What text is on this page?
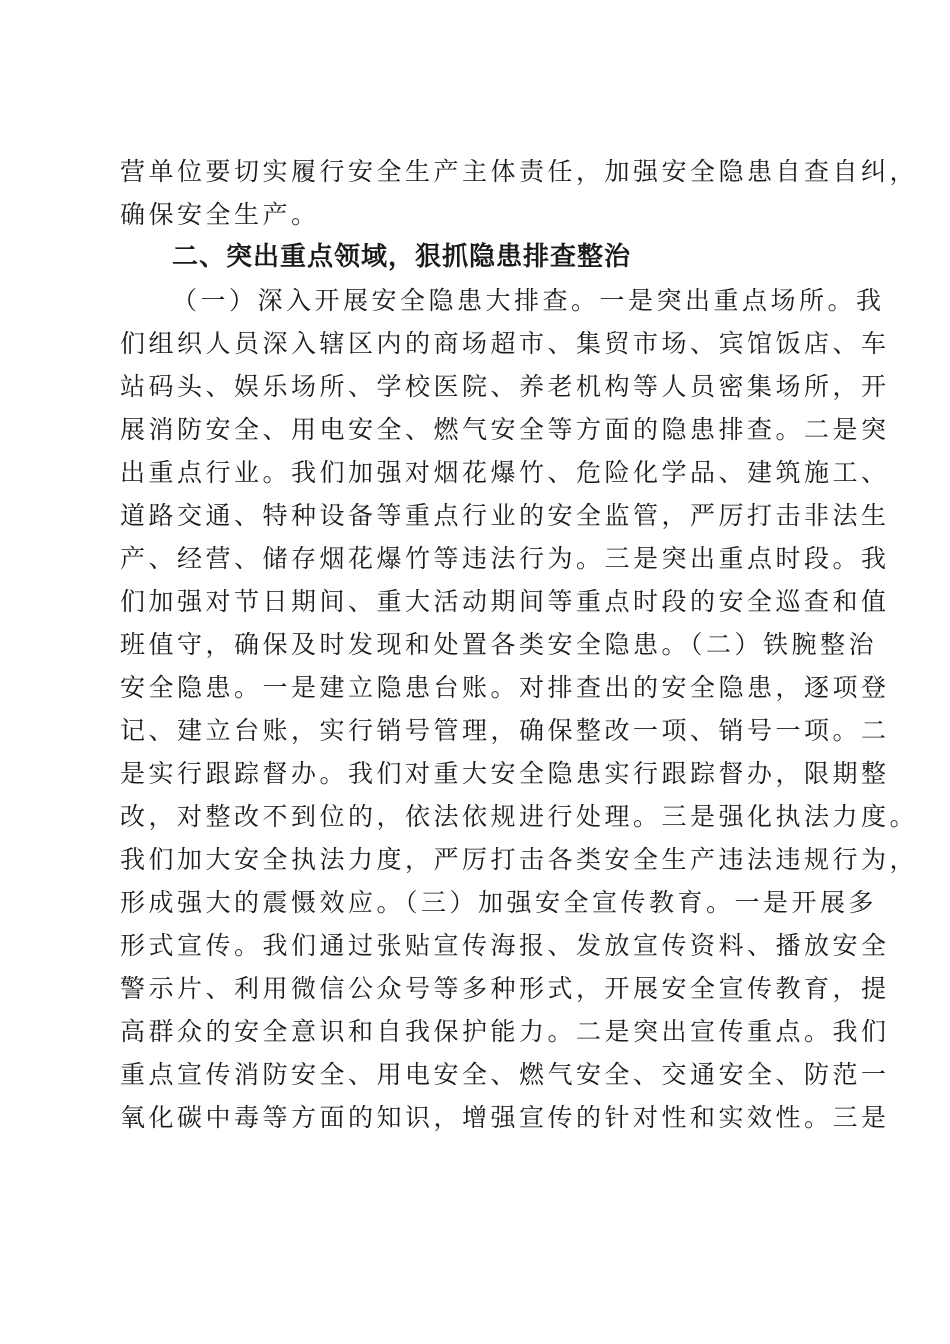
营单位要切实履行安全生产主体责任，加强安全隐患自查自纠，
确保安全生产。
二、突出重点领域，狠抓隐患排查整治
（一）深入开展安全隐患大排查。一是突出重点场所。我
们组织人员深入辖区内的商场超市、集贸市场、宾馆饭店、车
站码头、娱乐场所、学校医院、养老机构等人员密集场所，开
展消防安全、用电安全、燃气安全等方面的隐患排查。二是突
出重点行业。我们加强对烟花爆竹、危险化学品、建筑施工、
道路交通、特种设备等重点行业的安全监管，严厉打击非法生
产、经营、储存烟花爆竹等违法行为。三是突出重点时段。我
们加强对节日期间、重大活动期间等重点时段的安全巡查和值
班值守，确保及时发现和处置各类安全隐患。（二）铁腕整治
安全隐患。一是建立隐患台账。对排查出的安全隐患，逐项登
记、建立台账，实行销号管理，确保整改一项、销号一项。二
是实行跟踪督办。我们对重大安全隐患实行跟踪督办，限期整
改，对整改不到位的，依法依规进行处理。三是强化执法力度。
我们加大安全执法力度，严厉打击各类安全生产违法违规行为，
形成强大的震慑效应。（三）加强安全宣传教育。一是开展多
形式宣传。我们通过张贴宣传海报、发放宣传资料、播放安全
警示片、利用微信公众号等多种形式，开展安全宣传教育，提
高群众的安全意识和自我保护能力。二是突出宣传重点。我们
重点宣传消防安全、用电安全、燃气安全、交通安全、防范一
氧化碳中毒等方面的知识，增强宣传的针对性和实效性。三是
